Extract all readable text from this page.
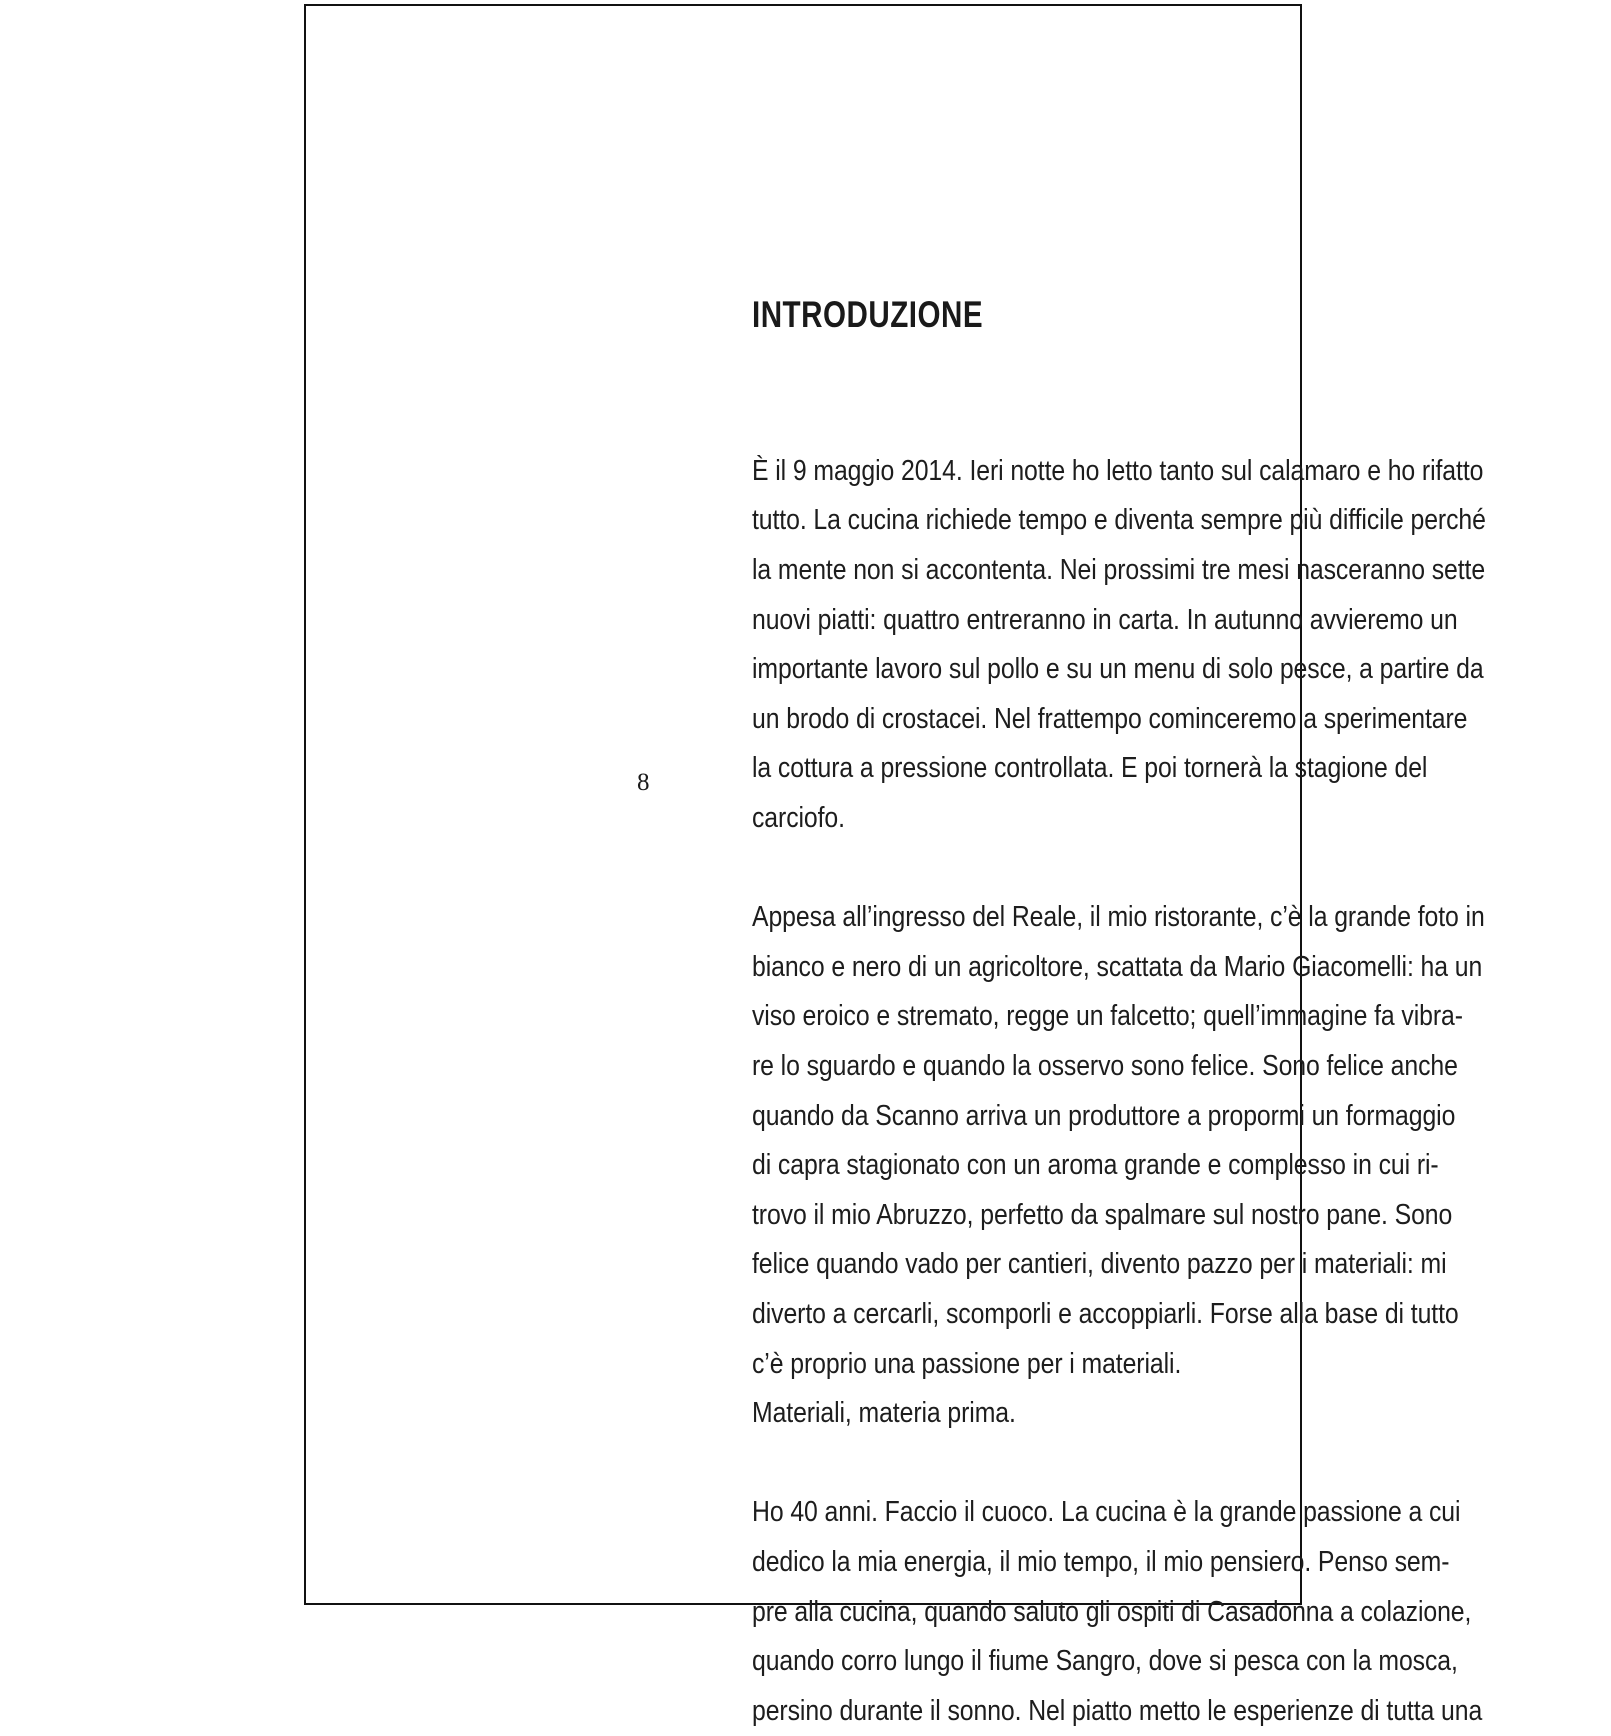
8
INTRODUZIONE

È il 9 maggio 2014. Ieri notte ho letto tanto sul calamaro e ho rifatto
tutto. La cucina richiede tempo e diventa sempre più difficile perché
la mente non si accontenta. Nei prossimi tre mesi nasceranno sette
nuovi piatti: quattro entreranno in carta. In autunno avvieremo un
importante lavoro sul pollo e su un menu di solo pesce, a partire da
un brodo di crostacei. Nel frattempo cominceremo a sperimentare
la cottura a pressione controllata. E poi tornerà la stagione del
carciofo.

Appesa all’ingresso del Reale, il mio ristorante, c’è la grande foto in
bianco e nero di un agricoltore, scattata da Mario Giacomelli: ha un
viso eroico e stremato, regge un falcetto; quell’immagine fa vibra-
re lo sguardo e quando la osservo sono felice. Sono felice anche
quando da Scanno arriva un produttore a propormi un formaggio
di capra stagionato con un aroma grande e complesso in cui ri-
trovo il mio Abruzzo, perfetto da spalmare sul nostro pane. Sono
felice quando vado per cantieri, divento pazzo per i materiali: mi
diverto a cercarli, scomporli e accoppiarli. Forse alla base di tutto
c’è proprio una passione per i materiali.
Materiali, materia prima.

Ho 40 anni. Faccio il cuoco. La cucina è la grande passione a cui
dedico la mia energia, il mio tempo, il mio pensiero. Penso sem-
pre alla cucina, quando saluto gli ospiti di Casadonna a colazione,
quando corro lungo il fiume Sangro, dove si pesca con la mosca,
persino durante il sonno. Nel piatto metto le esperienze di tutta una
